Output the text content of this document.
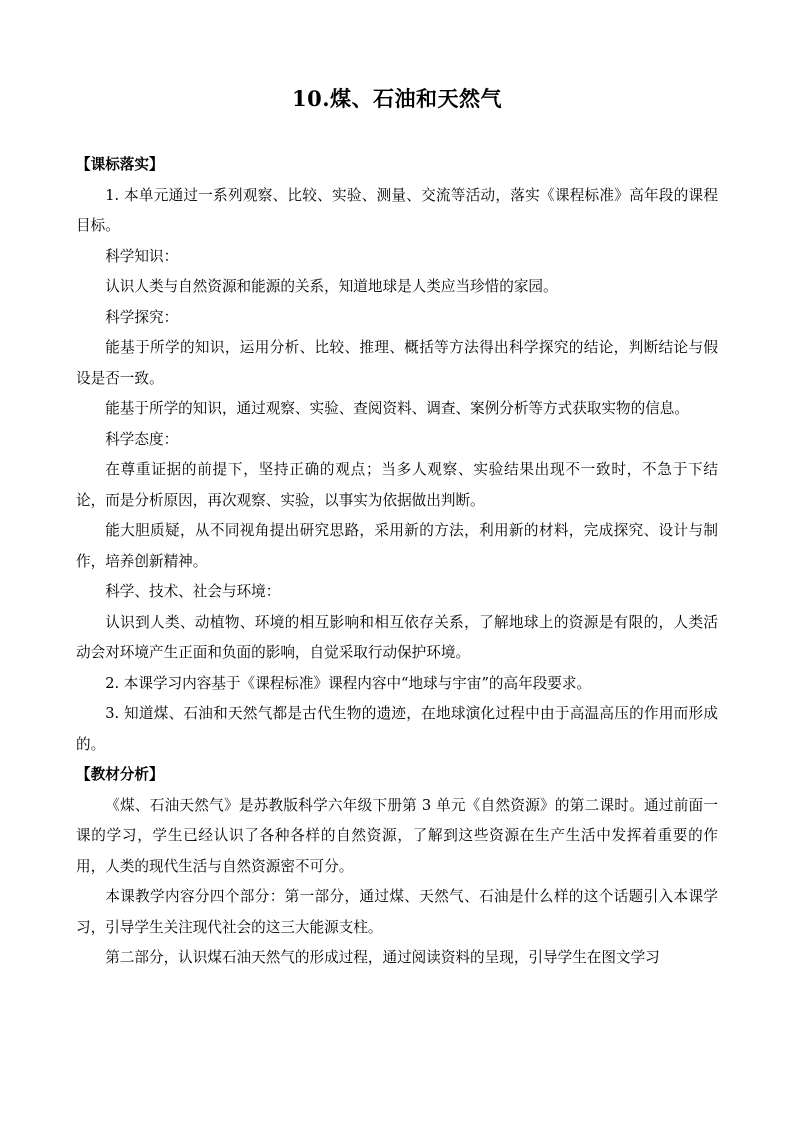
10.煤、石油和天然气

【课标落实】

1. 本单元通过一系列观察、比较、实验、测量、交流等活动，落实《课程标准》高年段的课程目标。

科学知识：

认识人类与自然资源和能源的关系，知道地球是人类应当珍惜的家园。

科学探究：

能基于所学的知识，运用分析、比较、推理、概括等方法得出科学探究的结论，判断结论与假设是否一致。

能基于所学的知识，通过观察、实验、查阅资料、调查、案例分析等方式获取实物的信息。

科学态度：

在尊重证据的前提下，坚持正确的观点；当多人观察、实验结果出现不一致时，不急于下结论，而是分析原因，再次观察、实验，以事实为依据做出判断。

能大胆质疑，从不同视角提出研究思路，采用新的方法，利用新的材料，完成探究、设计与制作，培养创新精神。

科学、技术、社会与环境：

认识到人类、动植物、环境的相互影响和相互依存关系，了解地球上的资源是有限的，人类活动会对环境产生正面和负面的影响，自觉采取行动保护环境。

2. 本课学习内容基于《课程标准》课程内容中“地球与宇宙”的高年段要求。

3. 知道煤、石油和天然气都是古代生物的遗迹，在地球演化过程中由于高温高压的作用而形成的。

【教材分析】

《煤、石油天然气》是苏教版科学六年级下册第 3 单元《自然资源》的第二课时。通过前面一课的学习，学生已经认识了各种各样的自然资源，了解到这些资源在生产生活中发挥着重要的作用，人类的现代生活与自然资源密不可分。

本课教学内容分四个部分：第一部分，通过煤、天然气、石油是什么样的这个话题引入本课学习，引导学生关注现代社会的这三大能源支柱。

第二部分，认识煤石油天然气的形成过程，通过阅读资料的呈现，引导学生在图文学习
